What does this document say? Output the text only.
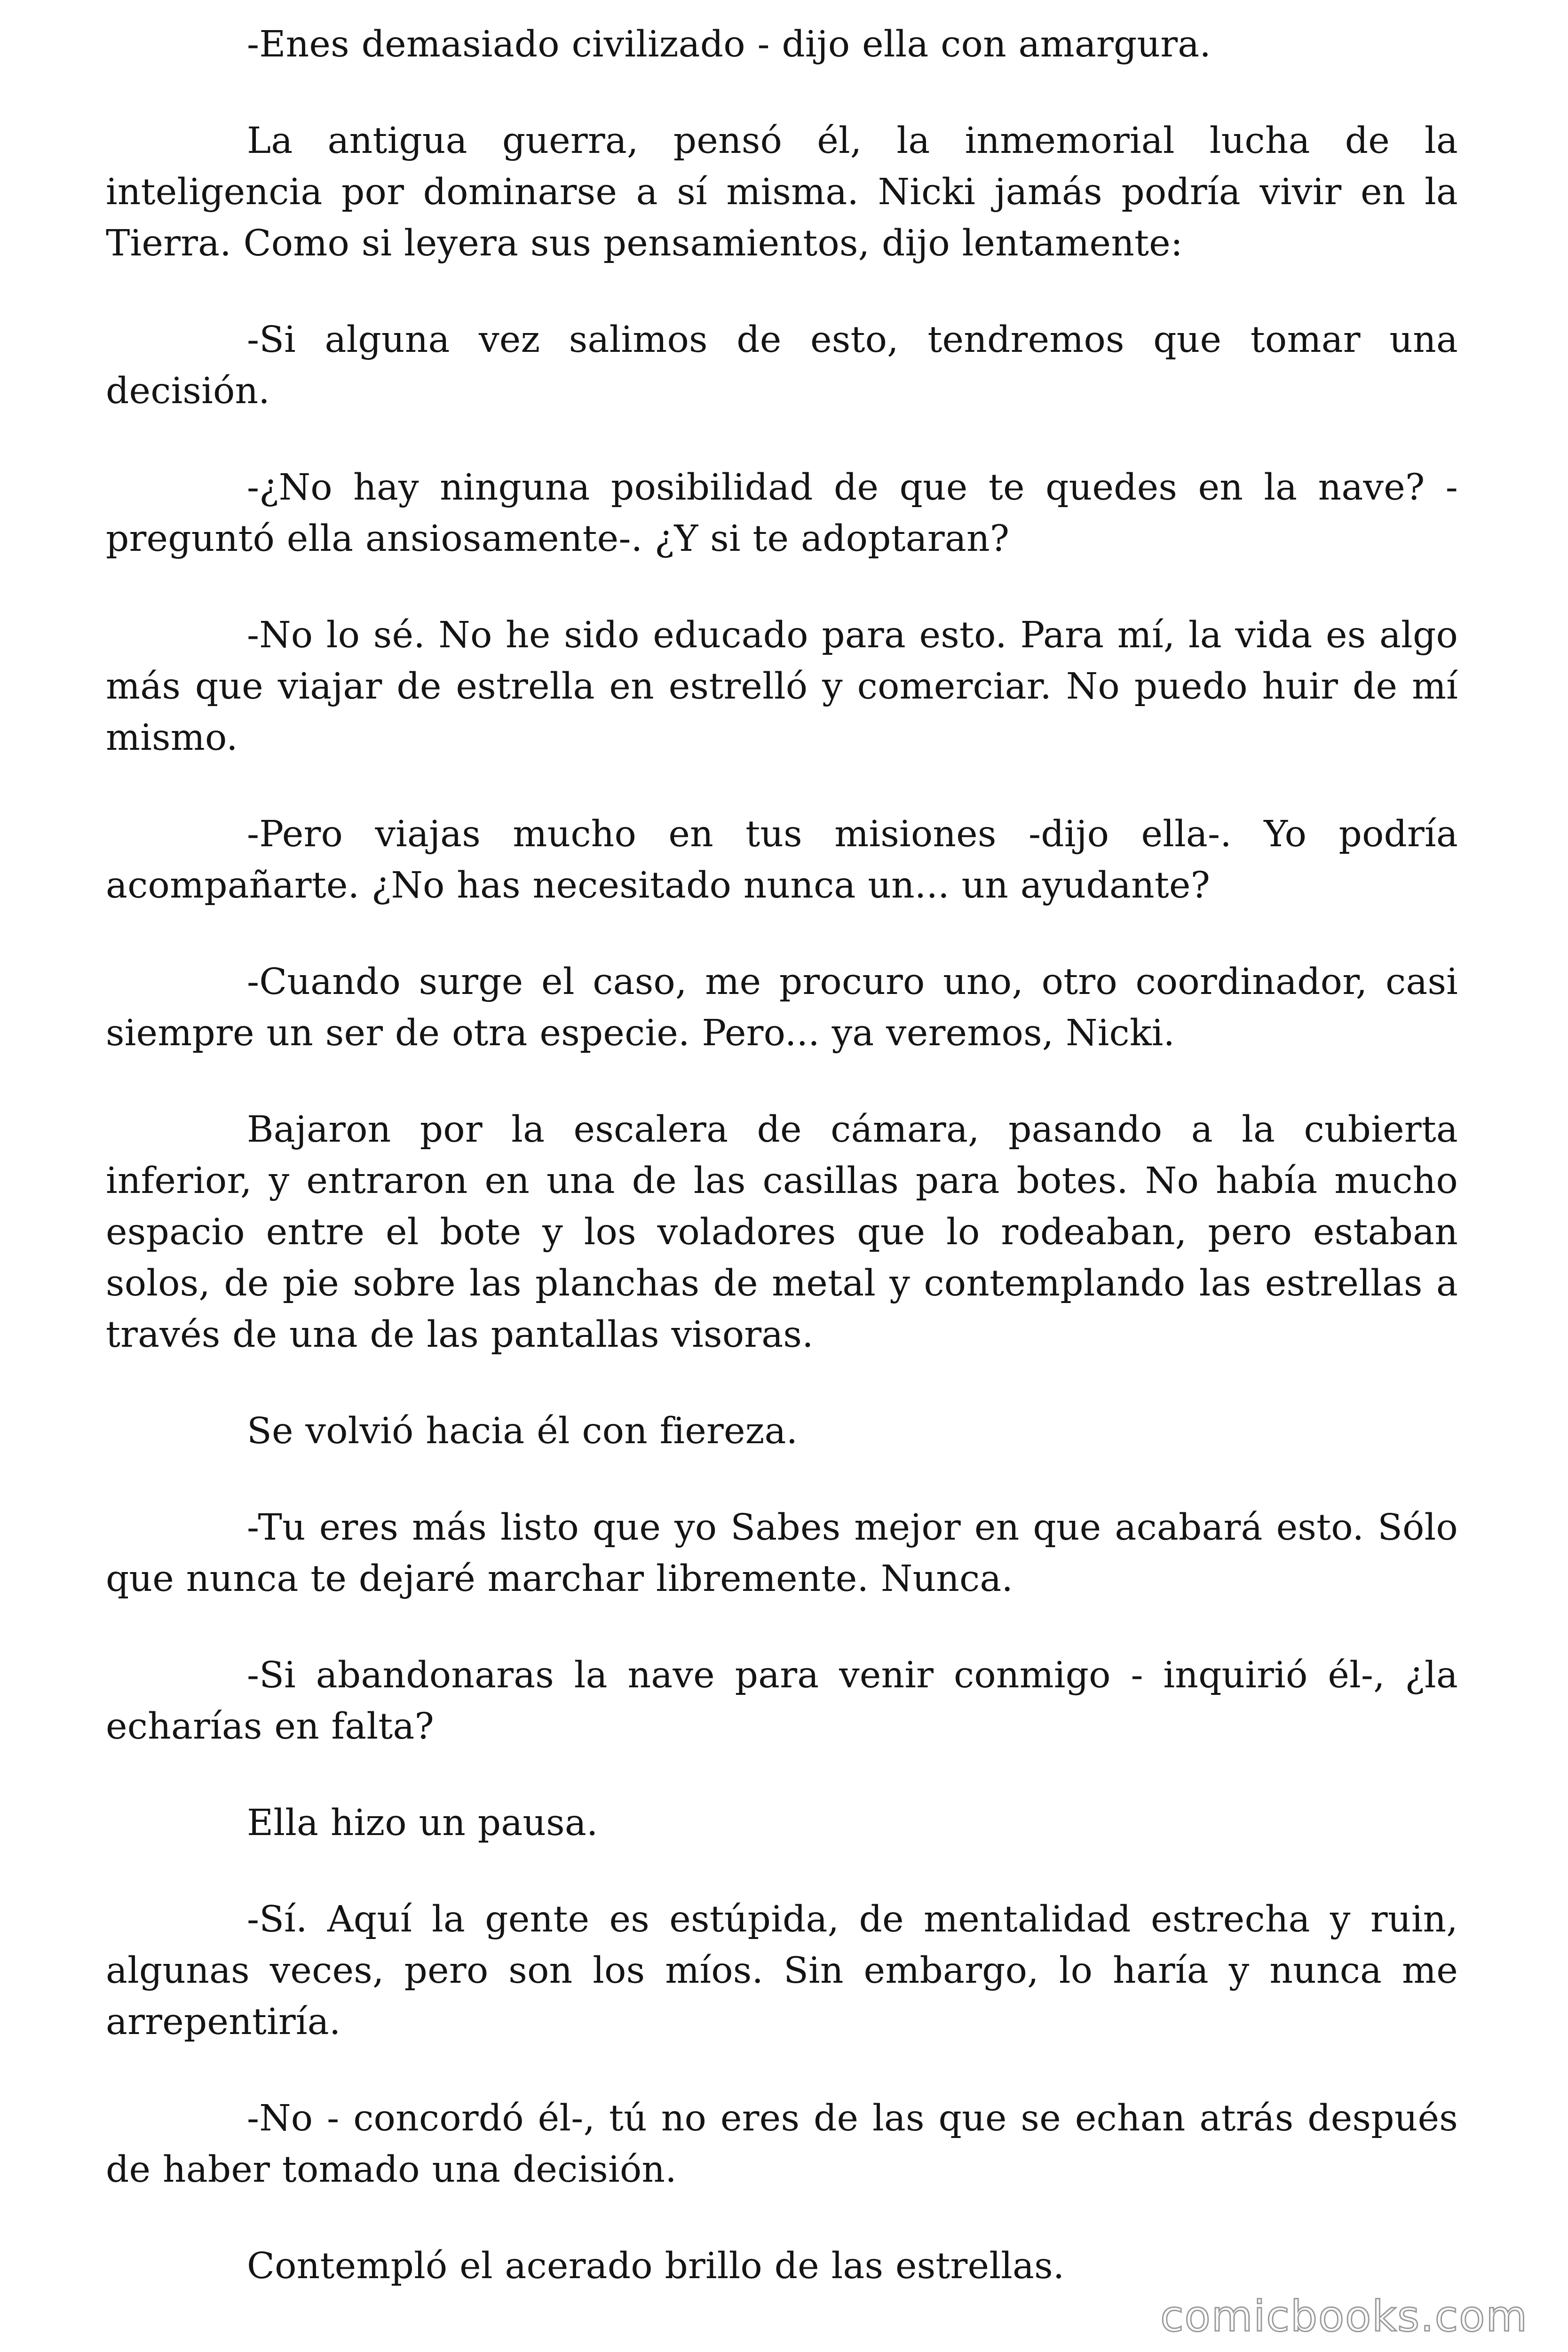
-Enes demasiado civilizado - dijo ella con amargura.

La antigua guerra, pensó él, la inmemorial lucha de la inteligencia por dominarse a sí misma. Nicki jamás podría vivir en la Tierra. Como si leyera sus pensamientos, dijo lentamente:

-Si alguna vez salimos de esto, tendremos que tomar una decisión.

-¿No hay ninguna posibilidad de que te quedes en la nave? -preguntó ella ansiosamente-. ¿Y si te adoptaran?

-No lo sé. No he sido educado para esto. Para mí, la vida es algo más que viajar de estrella en estrelló y comerciar. No puedo huir de mí mismo.

-Pero viajas mucho en tus misiones -dijo ella-. Yo podría acompañarte. ¿No has necesitado nunca un... un ayudante?

-Cuando surge el caso, me procuro uno, otro coordinador, casi siempre un ser de otra especie. Pero... ya veremos, Nicki.

Bajaron por la escalera de cámara, pasando a la cubierta inferior, y entraron en una de las casillas para botes. No había mucho espacio entre el bote y los voladores que lo rodeaban, pero estaban solos, de pie sobre las planchas de metal y contemplando las estrellas a través de una de las pantallas visoras.

Se volvió hacia él con fiereza.

-Tu eres más listo que yo Sabes mejor en que acabará esto. Sólo que nunca te dejaré marchar libremente. Nunca.

-Si abandonaras la nave para venir conmigo - inquirió él-, ¿la echarías en falta?

Ella hizo un pausa.

-Sí. Aquí la gente es estúpida, de mentalidad estrecha y ruin, algunas veces, pero son los míos. Sin embargo, lo haría y nunca me arrepentiría.

-No - concordó él-, tú no eres de las que se echan atrás después de haber tomado una decisión.

Contempló el acerado brillo de las estrellas.

comicbooks.com
